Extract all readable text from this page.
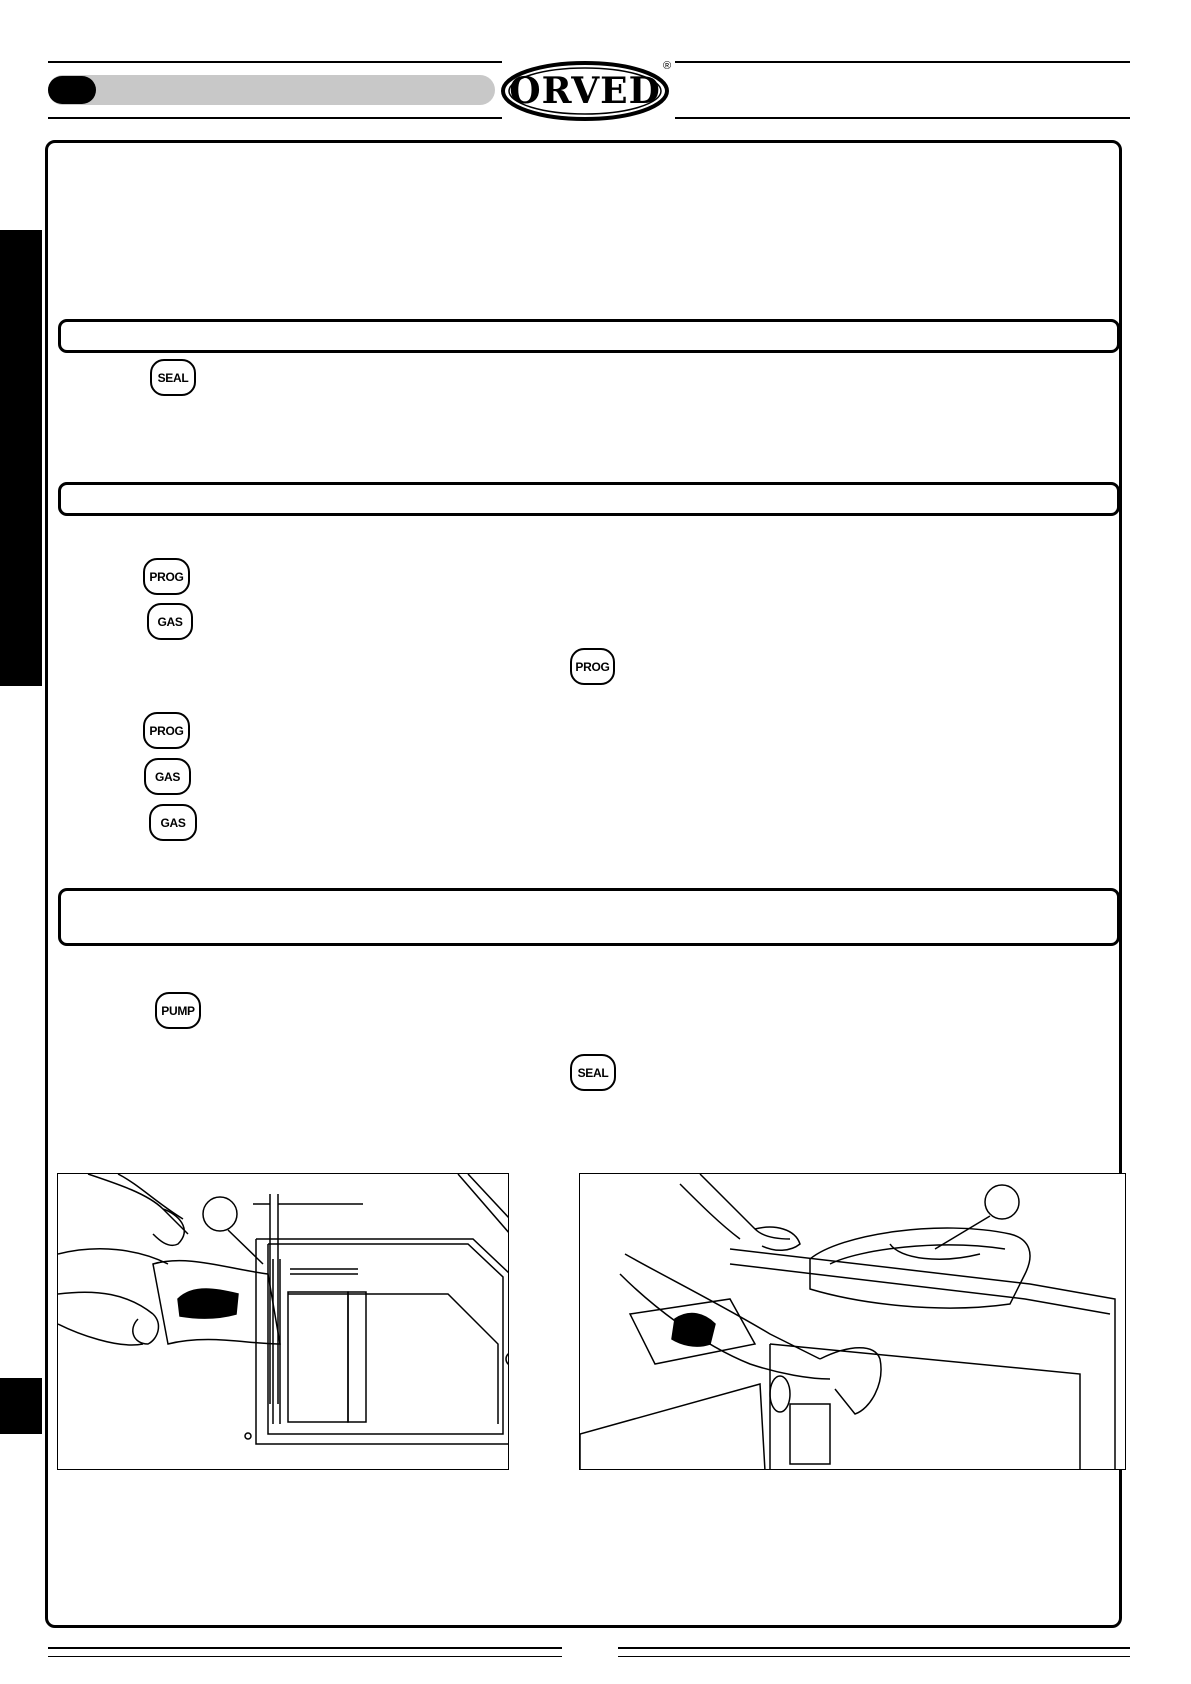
ORVED
®
SEAL
PROG
GAS
PROG
PROG
GAS
GAS
PUMP
SEAL
